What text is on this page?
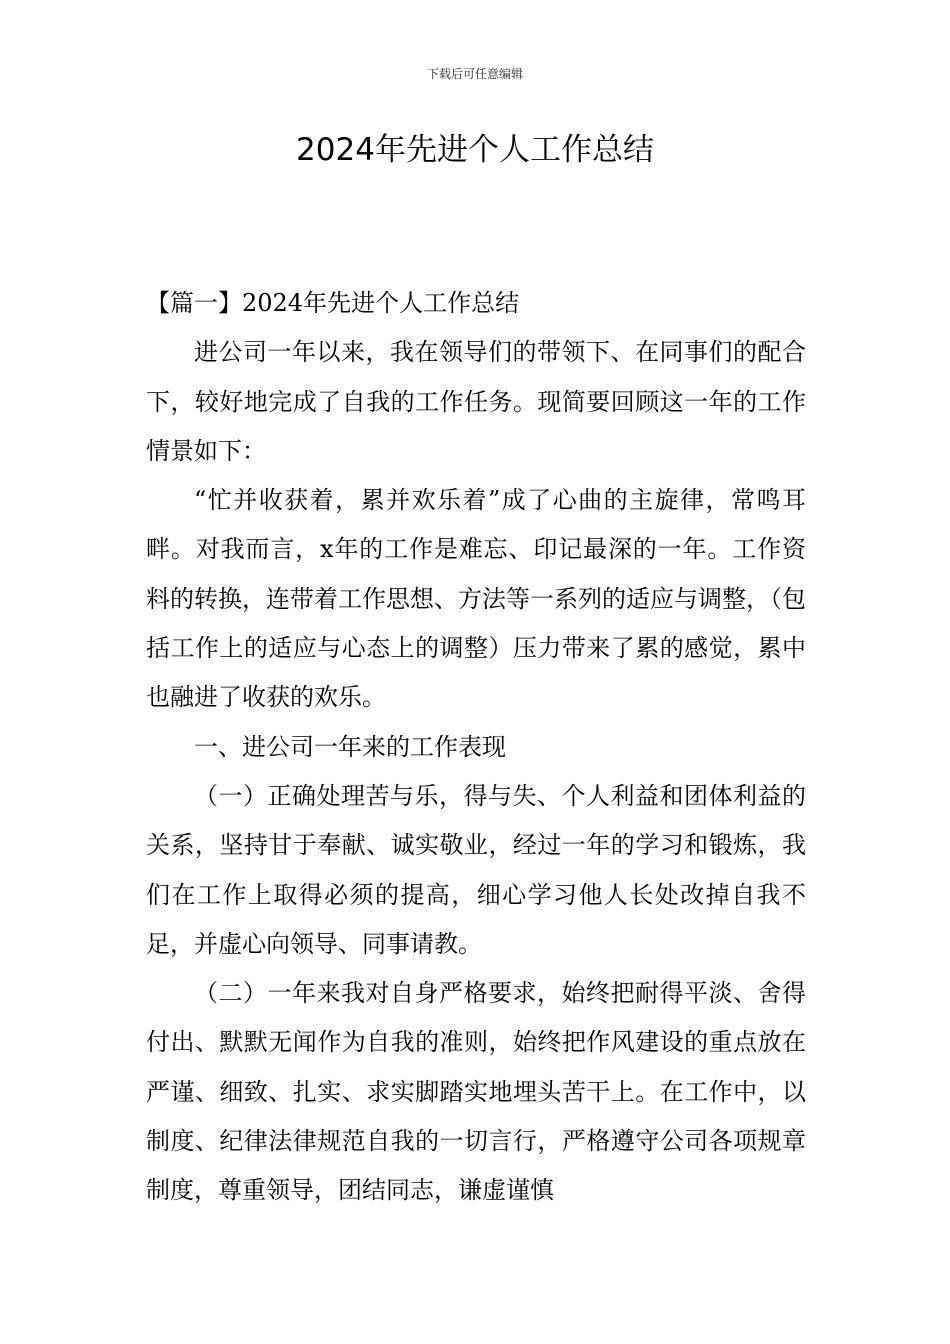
下载后可任意编辑
2024年先进个人工作总结

【篇一】2024年先进个人工作总结

进公司一年以来，我在领导们的带领下、在同事们的配合下，较好地完成了自我的工作任务。现简要回顾这一年的工作情景如下：

“忙并收获着，累并欢乐着”成了心曲的主旋律，常鸣耳畔。对我而言，x年的工作是难忘、印记最深的一年。工作资料的转换，连带着工作思想、方法等一系列的适应与调整，（包括工作上的适应与心态上的调整）压力带来了累的感觉，累中也融进了收获的欢乐。

一、进公司一年来的工作表现

（一）正确处理苦与乐，得与失、个人利益和团体利益的关系，坚持甘于奉献、诚实敬业，经过一年的学习和锻炼，我们在工作上取得必须的提高，细心学习他人长处改掉自我不足，并虚心向领导、同事请教。

（二）一年来我对自身严格要求，始终把耐得平淡、舍得付出、默默无闻作为自我的准则，始终把作风建设的重点放在严谨、细致、扎实、求实脚踏实地埋头苦干上。在工作中，以制度、纪律法律规范自我的一切言行，严格遵守公司各项规章制度，尊重领导，团结同志，谦虚谨慎
